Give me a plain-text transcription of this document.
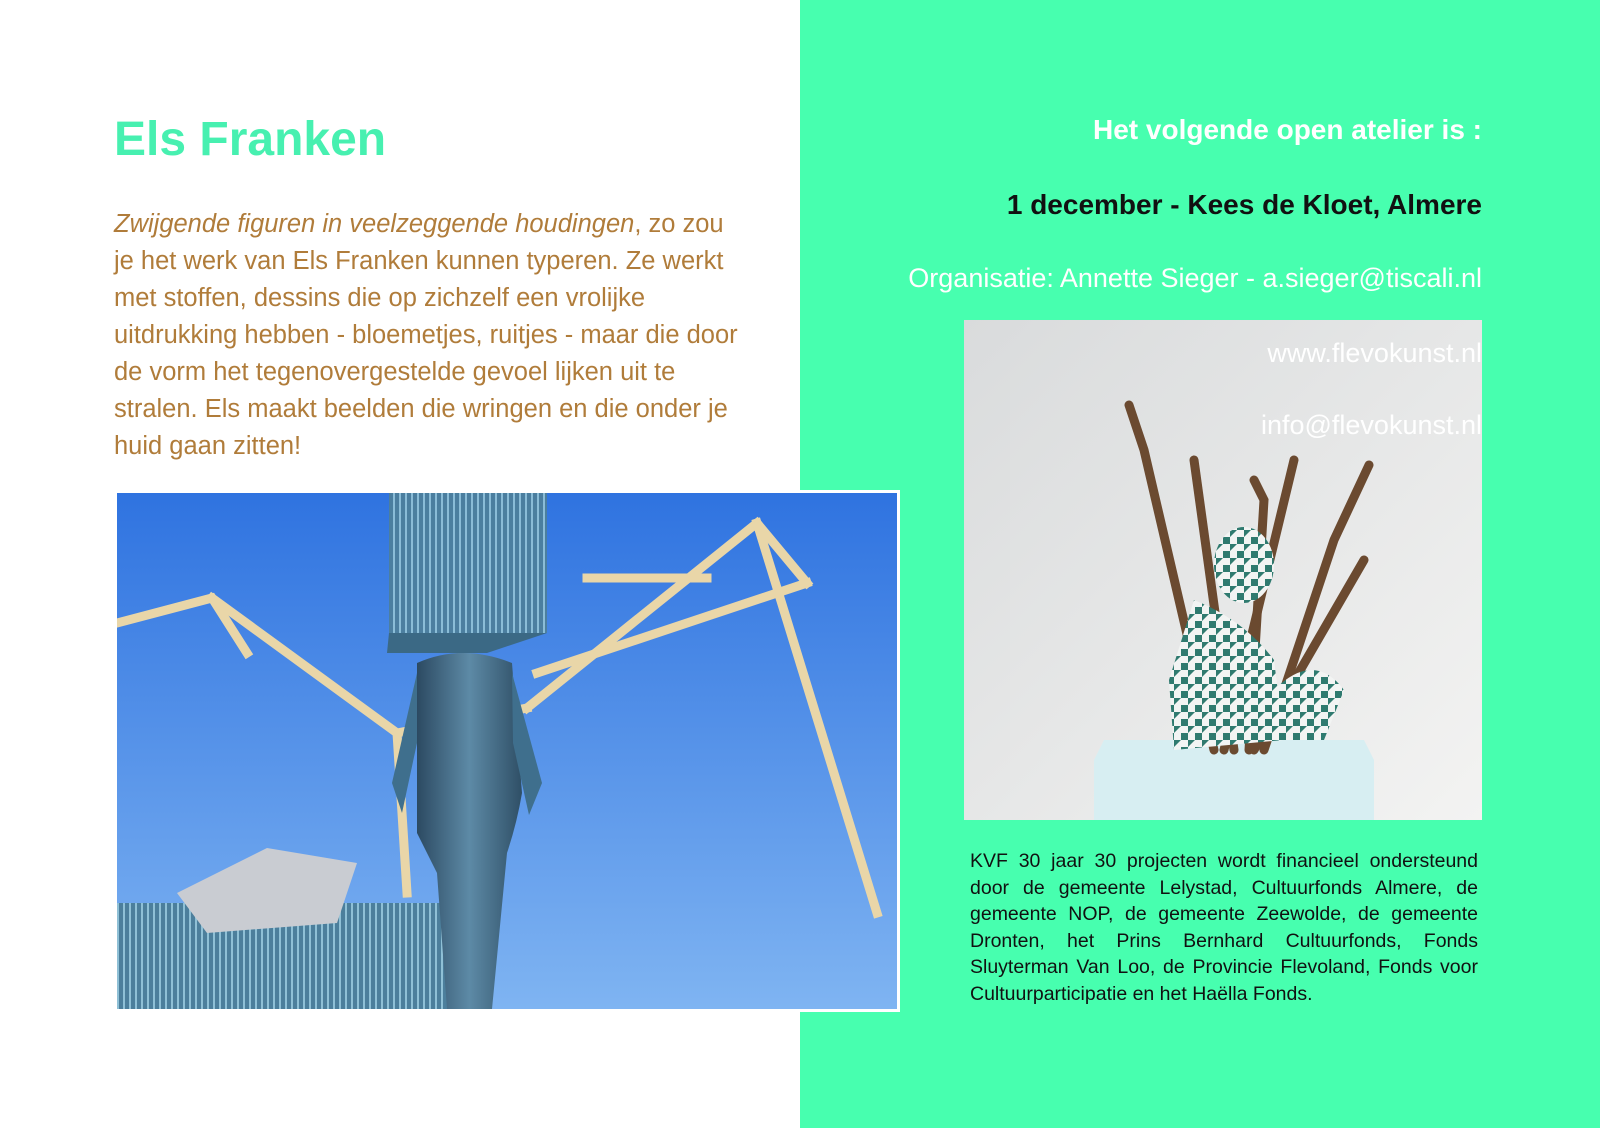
Els Franken

Zwijgende figuren in veelzeggende houdingen, zo zou je het werk van Els Franken kunnen typeren. Ze werkt met stoffen, dessins die op zichzelf een vrolijke uitdrukking hebben - bloemetjes, ruitjes - maar die door de vorm het tegenovergestelde gevoel lijken uit te stralen. Els maakt beelden die wringen en die onder je huid gaan zitten!

Het volgende open atelier is :

1 december - Kees de Kloet, Almere

Organisatie: Annette Sieger - a.sieger@tiscali.nl

www.flevokunst.nl

info@flevokunst.nl

KVF 30 jaar 30 projecten wordt financieel ondersteund door de gemeente Lelystad, Cultuurfonds Almere, de gemeente NOP, de gemeente Zeewolde, de gemeente Dronten, het Prins Bernhard Cultuurfonds, Fonds Sluyterman Van Loo, de Provincie Flevoland, Fonds voor Cultuurparticipatie en het Haëlla Fonds.
